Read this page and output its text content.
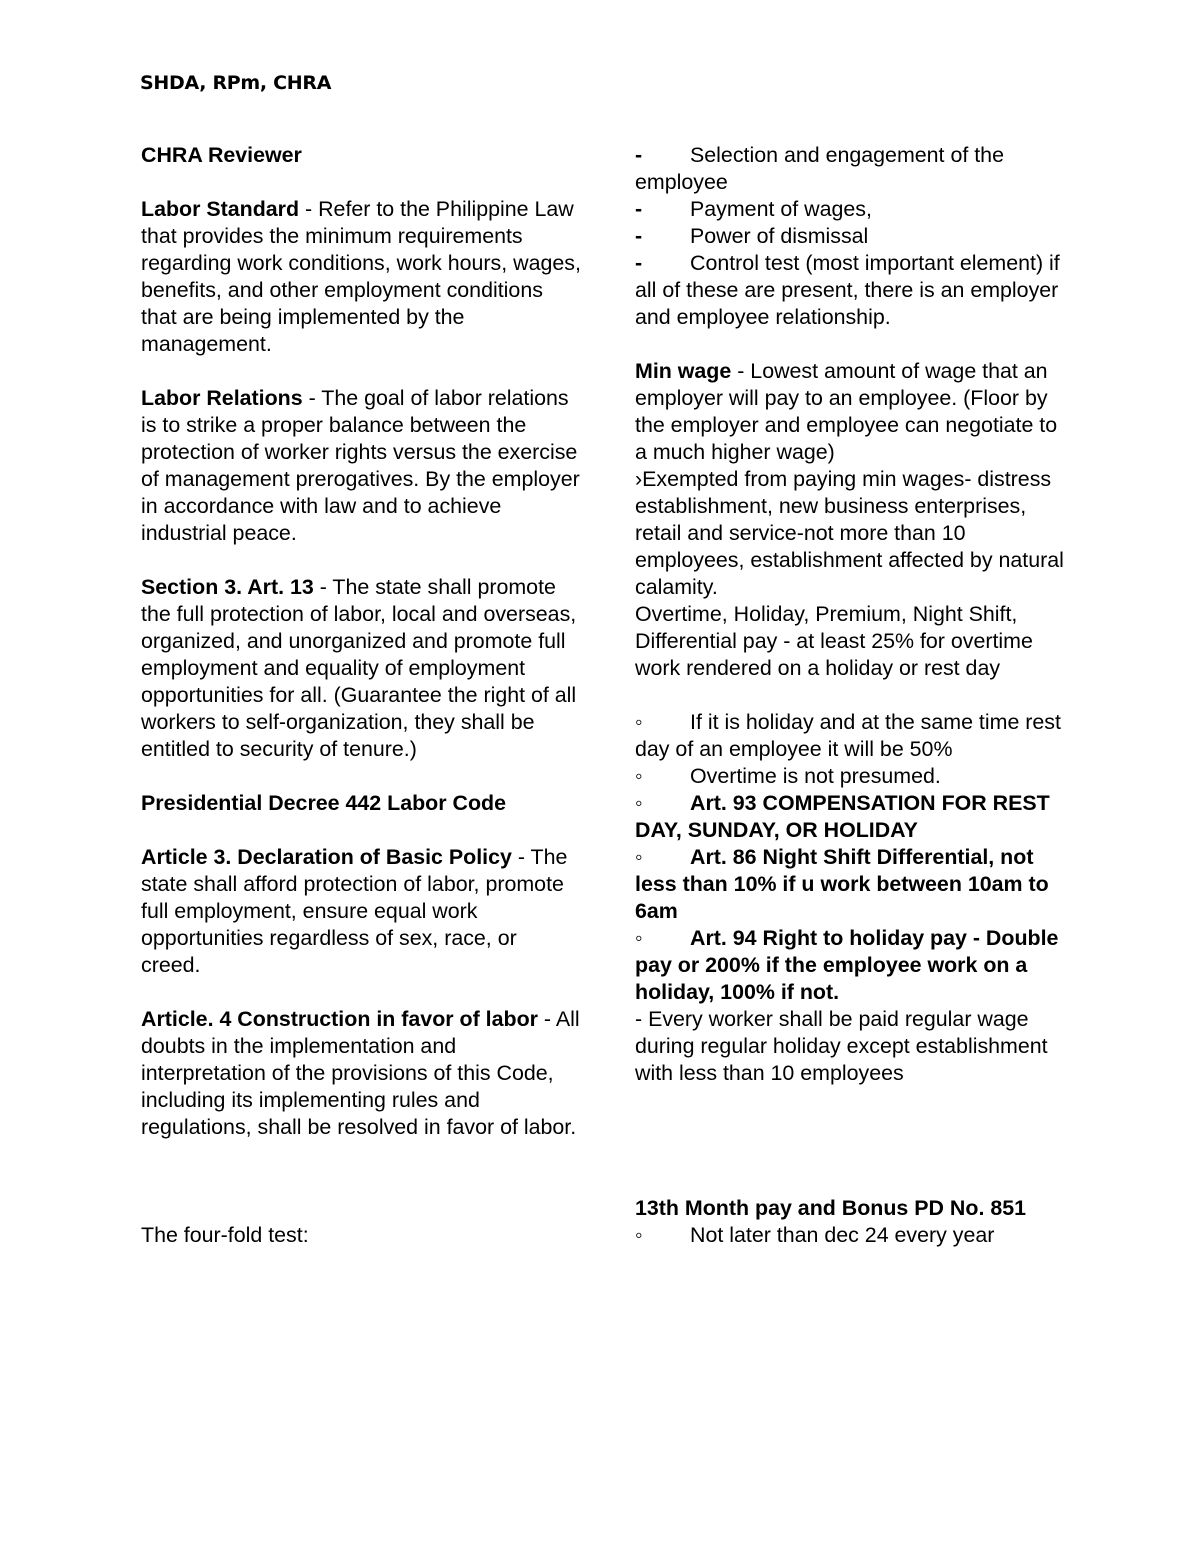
SHDA, RPm, CHRA

CHRA Reviewer

Labor Standard - Refer to the Philippine Law that provides the minimum requirements regarding work conditions, work hours, wages, benefits, and other employment conditions that are being implemented by the management.

Labor Relations - The goal of labor relations is to strike a proper balance between the protection of worker rights versus the exercise of management prerogatives. By the employer in accordance with law and to achieve industrial peace.

Section 3. Art. 13 - The state shall promote the full protection of labor, local and overseas, organized, and unorganized and promote full employment and equality of employment opportunities for all. (Guarantee the right of all workers to self-organization, they shall be entitled to security of tenure.)

Presidential Decree 442 Labor Code

Article 3. Declaration of Basic Policy - The state shall afford protection of labor, promote full employment, ensure equal work opportunities regardless of sex, race, or creed.

Article. 4 Construction in favor of labor - All doubts in the implementation and interpretation of the provisions of this Code, including its implementing rules and regulations, shall be resolved in favor of labor.

The four-fold test:

- Selection and engagement of the employee

- Payment of wages,

- Power of dismissal

- Control test (most important element) if all of these are present, there is an employer and employee relationship.

Min wage - Lowest amount of wage that an employer will pay to an employee. (Floor by the employer and employee can negotiate to a much higher wage)

›Exempted from paying min wages- distress establishment, new business enterprises, retail and service-not more than 10 employees, establishment affected by natural calamity.

Overtime, Holiday, Premium, Night Shift, Differential pay - at least 25% for overtime work rendered on a holiday or rest day

◦ If it is holiday and at the same time rest day of an employee it will be 50%

◦ Overtime is not presumed.

◦ Art. 93 COMPENSATION FOR REST DAY, SUNDAY, OR HOLIDAY

◦ Art. 86 Night Shift Differential, not less than 10% if u work between 10am to 6am

◦ Art. 94 Right to holiday pay - Double pay or 200% if the employee work on a holiday, 100% if not.

- Every worker shall be paid regular wage during regular holiday except establishment with less than 10 employees

13th Month pay and Bonus PD No. 851

◦ Not later than dec 24 every year
